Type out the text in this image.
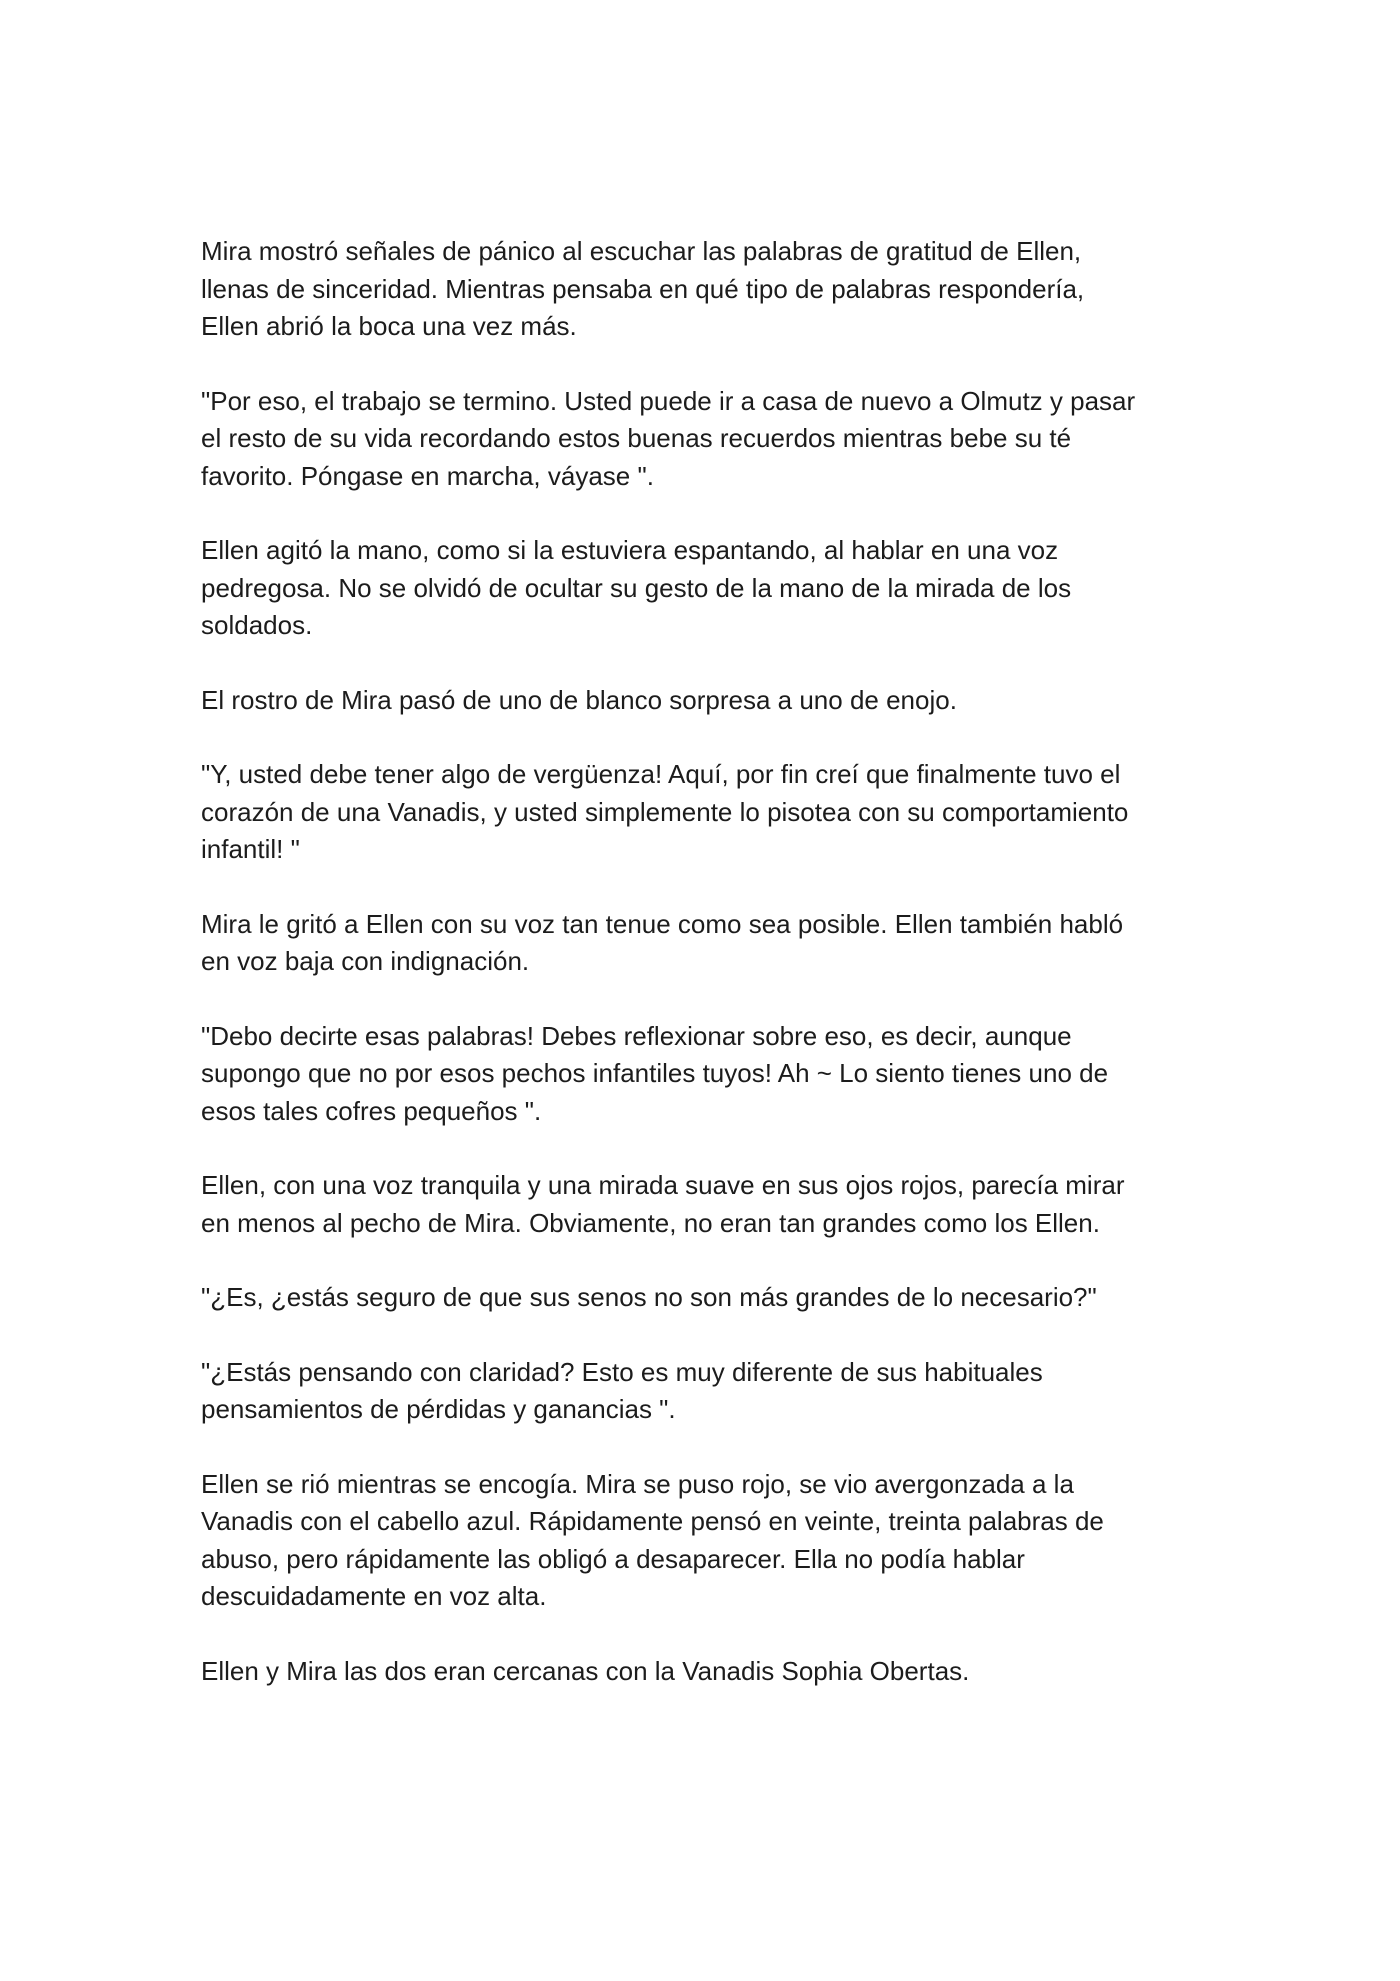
Mira mostró señales de pánico al escuchar las palabras de gratitud de Ellen,
llenas de sinceridad. Mientras pensaba en qué tipo de palabras respondería,
Ellen abrió la boca una vez más.

"Por eso, el trabajo se termino. Usted puede ir a casa de nuevo a Olmutz y pasar
el resto de su vida recordando estos buenas recuerdos mientras bebe su té
favorito. Póngase en marcha, váyase ".

Ellen agitó la mano, como si la estuviera espantando, al hablar en una voz
pedregosa. No se olvidó de ocultar su gesto de la mano de la mirada de los
soldados.

El rostro de Mira pasó de uno de blanco sorpresa a uno de enojo.

"Y, usted debe tener algo de vergüenza! Aquí, por fin creí que finalmente tuvo el
corazón de una Vanadis, y usted simplemente lo pisotea con su comportamiento
infantil! "

Mira le gritó a Ellen con su voz tan tenue como sea posible. Ellen también habló
en voz baja con indignación.

"Debo decirte esas palabras! Debes reflexionar sobre eso, es decir, aunque
supongo que no por esos pechos infantiles tuyos! Ah ~ Lo siento tienes uno de
esos tales cofres pequeños ".

Ellen, con una voz tranquila y una mirada suave en sus ojos rojos, parecía mirar
en menos al pecho de Mira. Obviamente, no eran tan grandes como los Ellen.

"¿Es, ¿estás seguro de que sus senos no son más grandes de lo necesario?"

"¿Estás pensando con claridad? Esto es muy diferente de sus habituales
pensamientos de pérdidas y ganancias ".

Ellen se rió mientras se encogía. Mira se puso rojo, se vio avergonzada a la
Vanadis con el cabello azul. Rápidamente pensó en veinte, treinta palabras de
abuso, pero rápidamente las obligó a desaparecer. Ella no podía hablar
descuidadamente en voz alta.

Ellen y Mira las dos eran cercanas con la Vanadis Sophia Obertas.
